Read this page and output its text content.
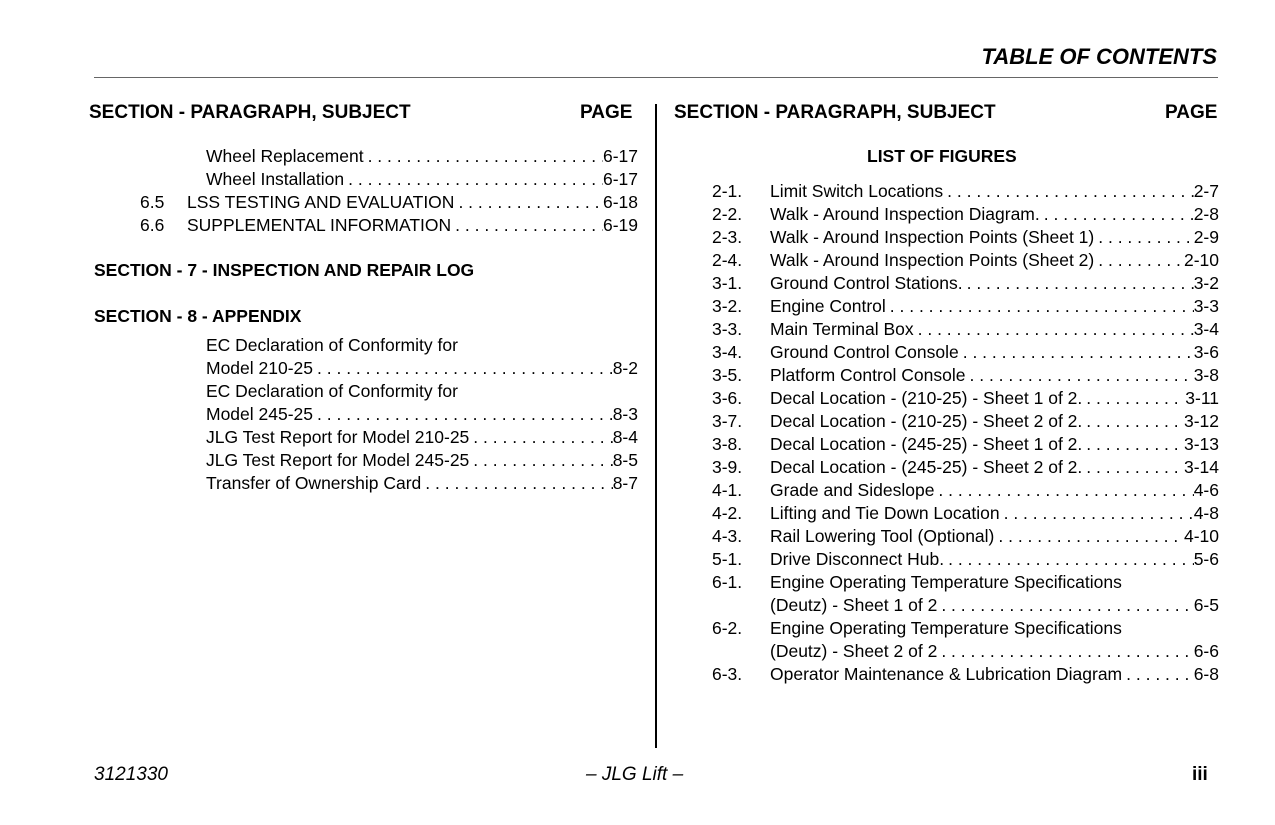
TABLE OF CONTENTS
SECTION - PARAGRAPH, SUBJECT	PAGE
Wheel Replacement . . .	6-17
Wheel Installation . . .	6-17
6.5 LSS TESTING AND EVALUATION . . .	6-18
6.6 SUPPLEMENTAL INFORMATION . . .	6-19
SECTION - 7 - INSPECTION AND REPAIR LOG
SECTION - 8 - APPENDIX
EC Declaration of Conformity for
Model 210-25 . . .	8-2
EC Declaration of Conformity for
Model 245-25 . . .	8-3
JLG Test Report for Model 210-25 . . .	8-4
JLG Test Report for Model 245-25 . . .	8-5
Transfer of Ownership Card . . .	8-7
SECTION - PARAGRAPH, SUBJECT	PAGE
LIST OF FIGURES
2-1. Limit Switch Locations . . .	2-7
2-2. Walk - Around Inspection Diagram. . . .	2-8
2-3. Walk - Around Inspection Points (Sheet 1) . . .	2-9
2-4. Walk - Around Inspection Points (Sheet 2) . . .	2-10
3-1. Ground Control Stations. . . .	3-2
3-2. Engine Control . . .	3-3
3-3. Main Terminal Box . . .	3-4
3-4. Ground Control Console . . .	3-6
3-5. Platform Control Console . . .	3-8
3-6. Decal Location - (210-25) - Sheet 1 of 2. . . .	3-11
3-7. Decal Location - (210-25) - Sheet 2 of 2. . . .	3-12
3-8. Decal Location - (245-25) - Sheet 1 of 2. . . .	3-13
3-9. Decal Location - (245-25) - Sheet 2 of 2. . . .	3-14
4-1. Grade and Sideslope . . .	4-6
4-2. Lifting and Tie Down Location . . .	4-8
4-3. Rail Lowering Tool (Optional) . . .	4-10
5-1. Drive Disconnect Hub. . . .	5-6
6-1. Engine Operating Temperature Specifications
(Deutz) - Sheet 1 of 2 . . .	6-5
6-2. Engine Operating Temperature Specifications
(Deutz) - Sheet 2 of 2 . . .	6-6
6-3. Operator Maintenance & Lubrication Diagram . . .	6-8
3121330	– JLG Lift –	iii
